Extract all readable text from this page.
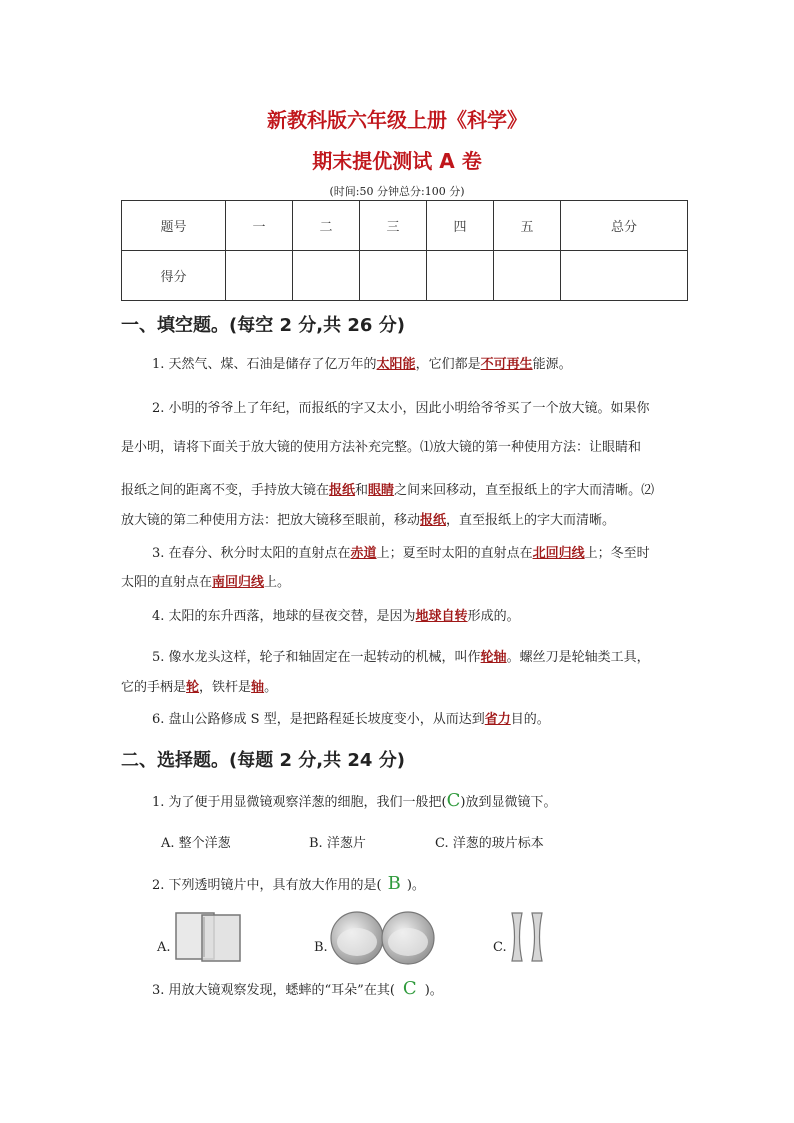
新教科版六年级上册《科学》
期末提优测试 A 卷
(时间:50 分钟总分:100 分)
题号	一	二	三	四	五	总分
得分						
一、填空题。(每空 2 分,共 26 分)
1. 天然气、煤、石油是储存了亿万年的太阳能，它们都是不可再生能源。
2. 小明的爷爷上了年纪，而报纸的字又太小，因此小明给爷爷买了一个放大镜。如果你
是小明，请将下面关于放大镜的使用方法补充完整。⑴放大镜的第一种使用方法：让眼睛和
报纸之间的距离不变，手持放大镜在报纸和眼睛之间来回移动，直至报纸上的字大而清晰。⑵
放大镜的第二种使用方法：把放大镜移至眼前，移动报纸，直至报纸上的字大而清晰。
3. 在春分、秋分时太阳的直射点在赤道上；夏至时太阳的直射点在北回归线上；冬至时
太阳的直射点在南回归线上。
4. 太阳的东升西落，地球的昼夜交替，是因为地球自转形成的。
5. 像水龙头这样，轮子和轴固定在一起转动的机械，叫作轮轴。螺丝刀是轮轴类工具，
它的手柄是轮，铁杆是轴。
6. 盘山公路修成 S 型，是把路程延长坡度变小，从而达到省力目的。
二、选择题。(每题 2 分,共 24 分)
1. 为了便于用显微镜观察洋葱的细胞，我们一般把(C)放到显微镜下。
A. 整个洋葱	B. 洋葱片	C. 洋葱的玻片标本
2. 下列透明镜片中，具有放大作用的是( B )。
A.	B.	C.
3. 用放大镜观察发现，蟋蟀的“耳朵”在其( C )。
